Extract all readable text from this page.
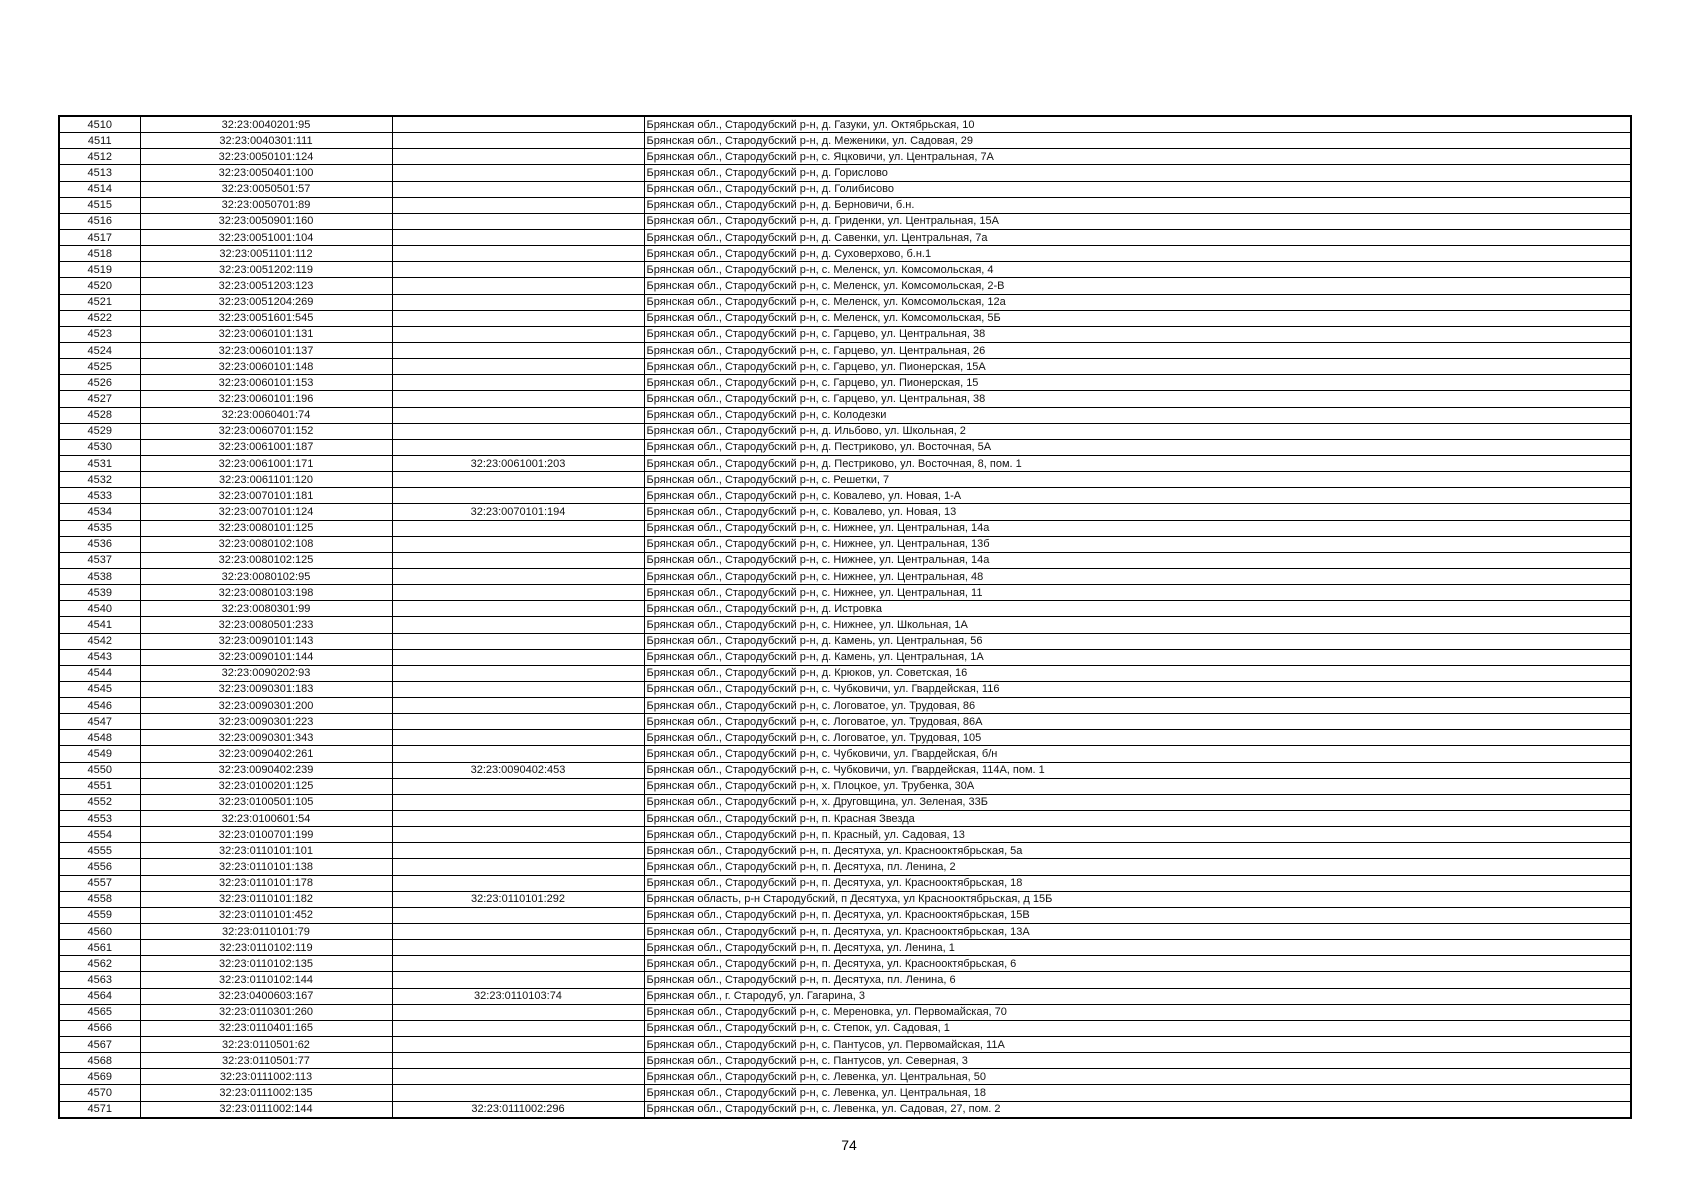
4510	32:23:0040201:95		Брянская обл., Стародубский р-н, д. Газуки, ул. Октябрьская, 10
4511	32:23:0040301:111		Брянская обл., Стародубский р-н, д. Меженики, ул. Садовая, 29
4512	32:23:0050101:124		Брянская обл., Стародубский р-н, с. Яцковичи, ул. Центральная, 7А
4513	32:23:0050401:100		Брянская обл., Стародубский р-н, д. Горислово
4514	32:23:0050501:57		Брянская обл., Стародубский р-н, д. Голибисово
4515	32:23:0050701:89		Брянская обл., Стародубский р-н, д. Берновичи, б.н.
4516	32:23:0050901:160		Брянская обл., Стародубский р-н, д. Гриденки, ул. Центральная, 15А
4517	32:23:0051001:104		Брянская обл., Стародубский р-н, д. Савенки, ул. Центральная, 7а
4518	32:23:0051101:112		Брянская обл., Стародубский р-н, д. Суховерхово, б.н.1
4519	32:23:0051202:119		Брянская обл., Стародубский р-н, с. Меленск, ул. Комсомольская, 4
4520	32:23:0051203:123		Брянская обл., Стародубский р-н, с. Меленск, ул. Комсомольская, 2-В
4521	32:23:0051204:269		Брянская обл., Стародубский р-н, с. Меленск, ул. Комсомольская, 12а
4522	32:23:0051601:545		Брянская обл., Стародубский р-н, с. Меленск, ул. Комсомольская, 5Б
4523	32:23:0060101:131		Брянская обл., Стародубский р-н, с. Гарцево, ул. Центральная, 38
4524	32:23:0060101:137		Брянская обл., Стародубский р-н, с. Гарцево, ул. Центральная, 26
4525	32:23:0060101:148		Брянская обл., Стародубский р-н, с. Гарцево, ул. Пионерская, 15А
4526	32:23:0060101:153		Брянская обл., Стародубский р-н, с. Гарцево, ул. Пионерская, 15
4527	32:23:0060101:196		Брянская обл., Стародубский р-н, с. Гарцево, ул. Центральная, 38
4528	32:23:0060401:74		Брянская обл., Стародубский р-н, с. Колодезки
4529	32:23:0060701:152		Брянская обл., Стародубский р-н, д. Ильбово, ул. Школьная, 2
4530	32:23:0061001:187		Брянская обл., Стародубский р-н, д. Пестриково, ул. Восточная, 5А
4531	32:23:0061001:171	32:23:0061001:203	Брянская обл., Стародубский р-н, д. Пестриково, ул. Восточная, 8, пом. 1
4532	32:23:0061101:120		Брянская обл., Стародубский р-н, с. Решетки, 7
4533	32:23:0070101:181		Брянская обл., Стародубский р-н, с. Ковалево, ул. Новая, 1-А
4534	32:23:0070101:124	32:23:0070101:194	Брянская обл., Стародубский р-н, с. Ковалево, ул. Новая, 13
4535	32:23:0080101:125		Брянская обл., Стародубский р-н, с. Нижнее, ул. Центральная, 14а
4536	32:23:0080102:108		Брянская обл., Стародубский р-н, с. Нижнее, ул. Центральная, 13б
4537	32:23:0080102:125		Брянская обл., Стародубский р-н, с. Нижнее, ул. Центральная, 14а
4538	32:23:0080102:95		Брянская обл., Стародубский р-н, с. Нижнее, ул. Центральная, 48
4539	32:23:0080103:198		Брянская обл., Стародубский р-н, с. Нижнее, ул. Центральная, 11
4540	32:23:0080301:99		Брянская обл., Стародубский р-н, д. Истровка
4541	32:23:0080501:233		Брянская обл., Стародубский р-н, с. Нижнее, ул. Школьная, 1А
4542	32:23:0090101:143		Брянская обл., Стародубский р-н, д. Камень, ул. Центральная, 56
4543	32:23:0090101:144		Брянская обл., Стародубский р-н, д. Камень, ул. Центральная, 1А
4544	32:23:0090202:93		Брянская обл., Стародубский р-н, д. Крюков, ул. Советская, 16
4545	32:23:0090301:183		Брянская обл., Стародубский р-н, с. Чубковичи, ул. Гвардейская, 116
4546	32:23:0090301:200		Брянская обл., Стародубский р-н, с. Логоватое, ул. Трудовая, 86
4547	32:23:0090301:223		Брянская обл., Стародубский р-н, с. Логоватое, ул. Трудовая, 86А
4548	32:23:0090301:343		Брянская обл., Стародубский р-н, с. Логоватое, ул. Трудовая, 105
4549	32:23:0090402:261		Брянская обл., Стародубский р-н, с. Чубковичи, ул. Гвардейская, б/н
4550	32:23:0090402:239	32:23:0090402:453	Брянская обл., Стародубский р-н, с. Чубковичи, ул. Гвардейская, 114А, пом. 1
4551	32:23:0100201:125		Брянская обл., Стародубский р-н, х. Плоцкое, ул. Трубенка, 30А
4552	32:23:0100501:105		Брянская обл., Стародубский р-н, х. Друговщина, ул. Зеленая, 33Б
4553	32:23:0100601:54		Брянская обл., Стародубский р-н, п. Красная Звезда
4554	32:23:0100701:199		Брянская обл., Стародубский р-н, п. Красный, ул. Садовая, 13
4555	32:23:0110101:101		Брянская обл., Стародубский р-н, п. Десятуха, ул. Краснооктябрьская, 5а
4556	32:23:0110101:138		Брянская обл., Стародубский р-н, п. Десятуха, пл. Ленина, 2
4557	32:23:0110101:178		Брянская обл., Стародубский р-н, п. Десятуха, ул. Краснооктябрьская, 18
4558	32:23:0110101:182	32:23:0110101:292	Брянская область, р-н Стародубский, п Десятуха, ул Краснооктябрьская, д 15Б
4559	32:23:0110101:452		Брянская обл., Стародубский р-н, п. Десятуха, ул. Краснооктябрьская, 15В
4560	32:23:0110101:79		Брянская обл., Стародубский р-н, п. Десятуха, ул. Краснооктябрьская, 13А
4561	32:23:0110102:119		Брянская обл., Стародубский р-н, п. Десятуха, ул. Ленина, 1
4562	32:23:0110102:135		Брянская обл., Стародубский р-н, п. Десятуха, ул. Краснооктябрьская, 6
4563	32:23:0110102:144		Брянская обл., Стародубский р-н, п. Десятуха, пл. Ленина, 6
4564	32:23:0400603:167	32:23:0110103:74	Брянская обл., г. Стародуб, ул. Гагарина, 3
4565	32:23:0110301:260		Брянская обл., Стародубский р-н, с. Мереновка, ул. Первомайская, 70
4566	32:23:0110401:165		Брянская обл., Стародубский р-н, с. Степок, ул. Садовая, 1
4567	32:23:0110501:62		Брянская обл., Стародубский р-н, с. Пантусов, ул. Первомайская, 11А
4568	32:23:0110501:77		Брянская обл., Стародубский р-н, с. Пантусов, ул. Северная, 3
4569	32:23:0111002:113		Брянская обл., Стародубский р-н, с. Левенка, ул. Центральная, 50
4570	32:23:0111002:135		Брянская обл., Стародубский р-н, с. Левенка, ул. Центральная, 18
4571	32:23:0111002:144	32:23:0111002:296	Брянская обл., Стародубский р-н, с. Левенка, ул. Садовая, 27, пом. 2
74
